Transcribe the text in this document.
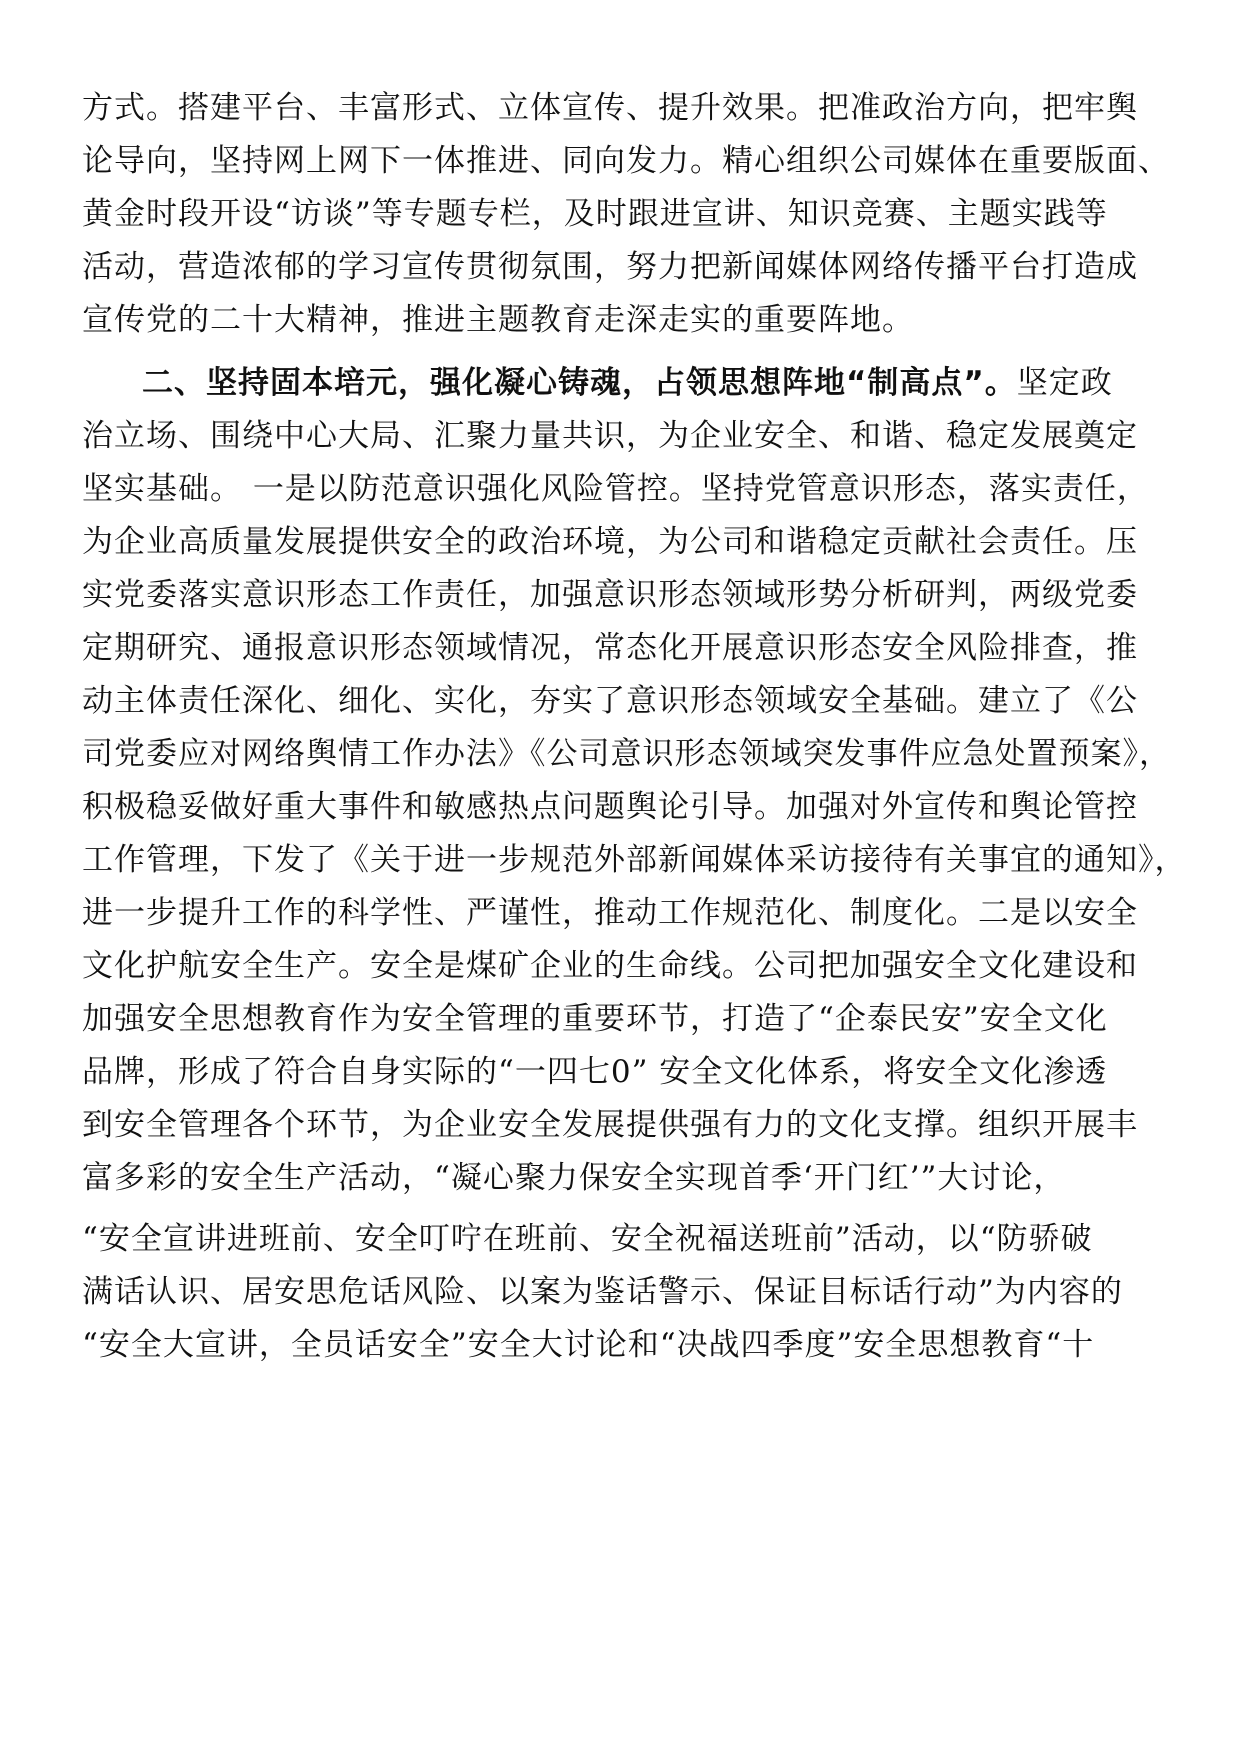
方式。搭建平台、丰富形式、立体宣传、提升效果。把准政治方向，把牢舆
论导向，坚持网上网下一体推进、同向发力。精心组织公司媒体在重要版面、
黄金时段开设“访谈”等专题专栏，及时跟进宣讲、知识竞赛、主题实践等
活动，营造浓郁的学习宣传贯彻氛围，努力把新闻媒体网络传播平台打造成
宣传党的二十大精神，推进主题教育走深走实的重要阵地。
二、坚持固本培元，强化凝心铸魂，占领思想阵地“制高点”。坚定政
治立场、围绕中心大局、汇聚力量共识，为企业安全、和谐、稳定发展奠定
坚实基础。 一是以防范意识强化风险管控。坚持党管意识形态，落实责任，
为企业高质量发展提供安全的政治环境，为公司和谐稳定贡献社会责任。压
实党委落实意识形态工作责任，加强意识形态领域形势分析研判，两级党委
定期研究、通报意识形态领域情况，常态化开展意识形态安全风险排查，推
动主体责任深化、细化、实化，夯实了意识形态领域安全基础。建立了《公
司党委应对网络舆情工作办法》《公司意识形态领域突发事件应急处置预案》，
积极稳妥做好重大事件和敏感热点问题舆论引导。加强对外宣传和舆论管控
工作管理，下发了《关于进一步规范外部新闻媒体采访接待有关事宜的通知》，
进一步提升工作的科学性、严谨性，推动工作规范化、制度化。二是以安全
文化护航安全生产。安全是煤矿企业的生命线。公司把加强安全文化建设和
加强安全思想教育作为安全管理的重要环节，打造了“企泰民安”安全文化
品牌，形成了符合自身实际的“一四七0” 安全文化体系，将安全文化渗透
到安全管理各个环节，为企业安全发展提供强有力的文化支撑。组织开展丰
富多彩的安全生产活动，“凝心聚力保安全实现首季‘开门红’”大讨论，
“安全宣讲进班前、安全叮咛在班前、安全祝福送班前”活动，以“防骄破
满话认识、居安思危话风险、以案为鉴话警示、保证目标话行动”为内容的
“安全大宣讲，全员话安全”安全大讨论和“决战四季度”安全思想教育“十
